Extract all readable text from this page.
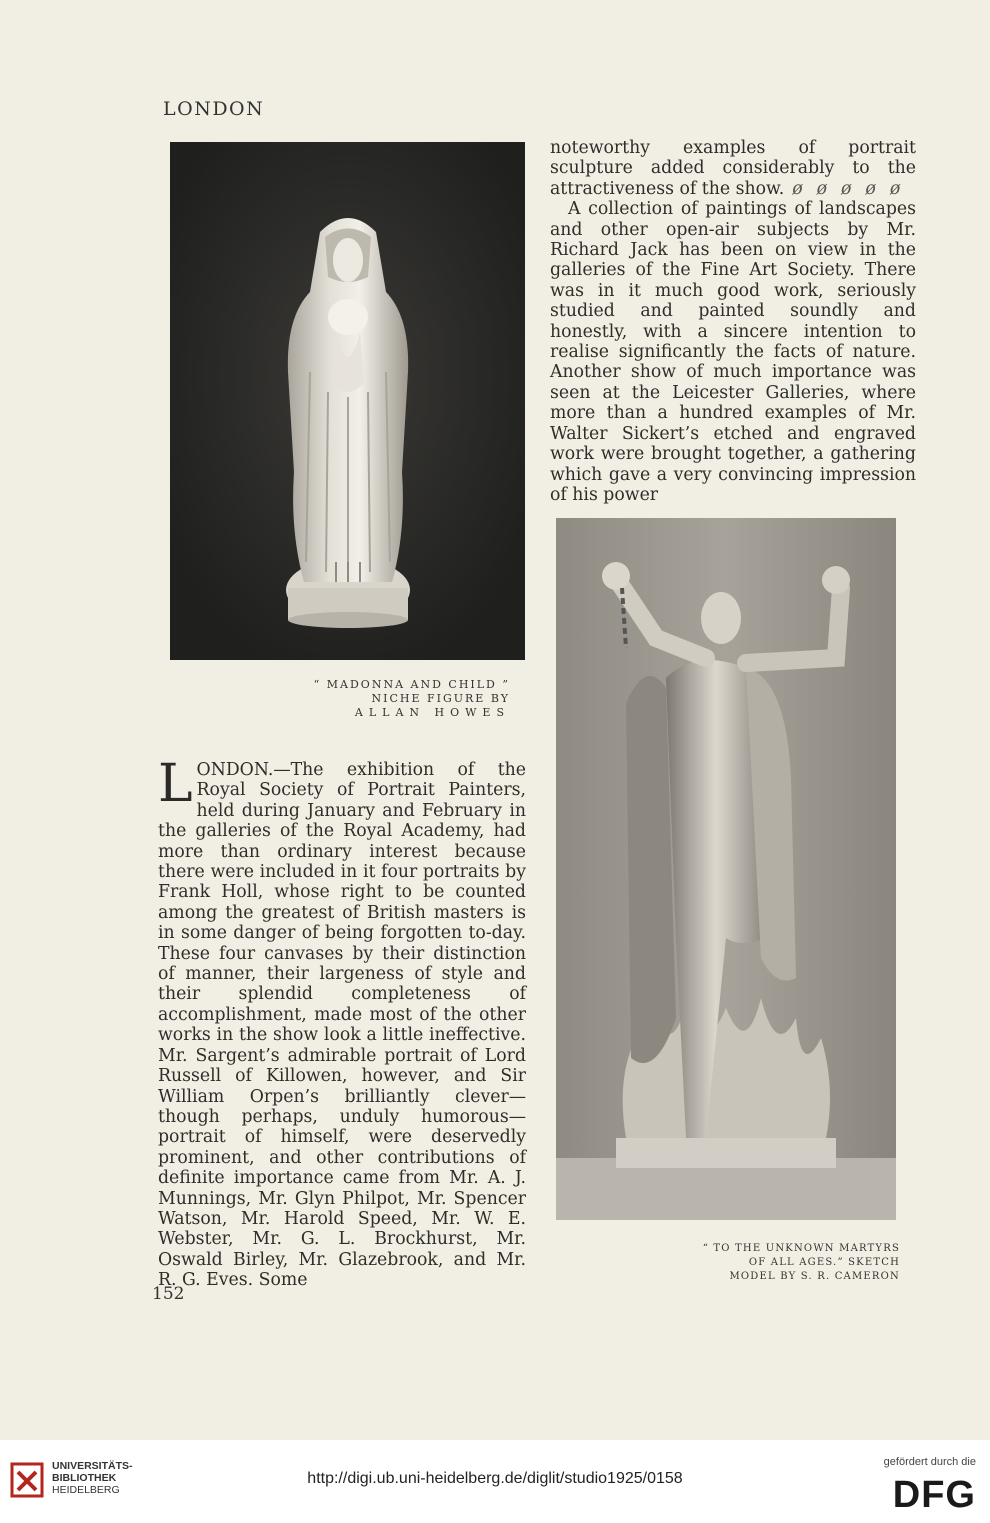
LONDON
“ MADONNA AND CHILD ”
NICHE FIGURE BY
ALLAN HOWES

noteworthy examples of portrait sculpture added considerably to the attractiveness of the show. øøøøø

A collection of paintings of landscapes and other open-air subjects by Mr. Richard Jack has been on view in the galleries of the Fine Art Society. There was in it much good work, seriously studied and painted soundly and honestly, with a sincere intention to realise significantly the facts of nature. Another show of much importance was seen at the Leicester Galleries, where more than a hundred examples of Mr. Walter Sickert’s etched and engraved work were brought together, a gathering which gave a very convincing impression of his power

“ TO THE UNKNOWN MARTYRS
OF ALL AGES.” SKETCH
MODEL BY S. R. CAMERON

LONDON.—The exhibition of the Royal Society of Portrait Painters, held during January and February in the galleries of the Royal Academy, had more than ordinary interest because there were included in it four portraits by Frank Holl, whose right to be counted among the greatest of British masters is in some danger of being forgotten to-day. These four canvases by their distinction of manner, their largeness of style and their splendid completeness of accomplishment, made most of the other works in the show look a little ineffective. Mr. Sargent’s admirable portrait of Lord Russell of Killowen, however, and Sir William Orpen’s brilliantly clever—though perhaps, unduly humorous—portrait of himself, were deservedly prominent, and other contributions of definite importance came from Mr. A. J. Munnings, Mr. Glyn Philpot, Mr. Spencer Watson, Mr. Harold Speed, Mr. W. E. Webster, Mr. G. L. Brockhurst, Mr. Oswald Birley, Mr. Glazebrook, and Mr. R. G. Eves. Some

152
UNIVERSITÄTS-
BIBLIOTHEK
HEIDELBERG
http://digi.ub.uni-heidelberg.de/diglit/studio1925/0158
gefördert durch die
DFG
